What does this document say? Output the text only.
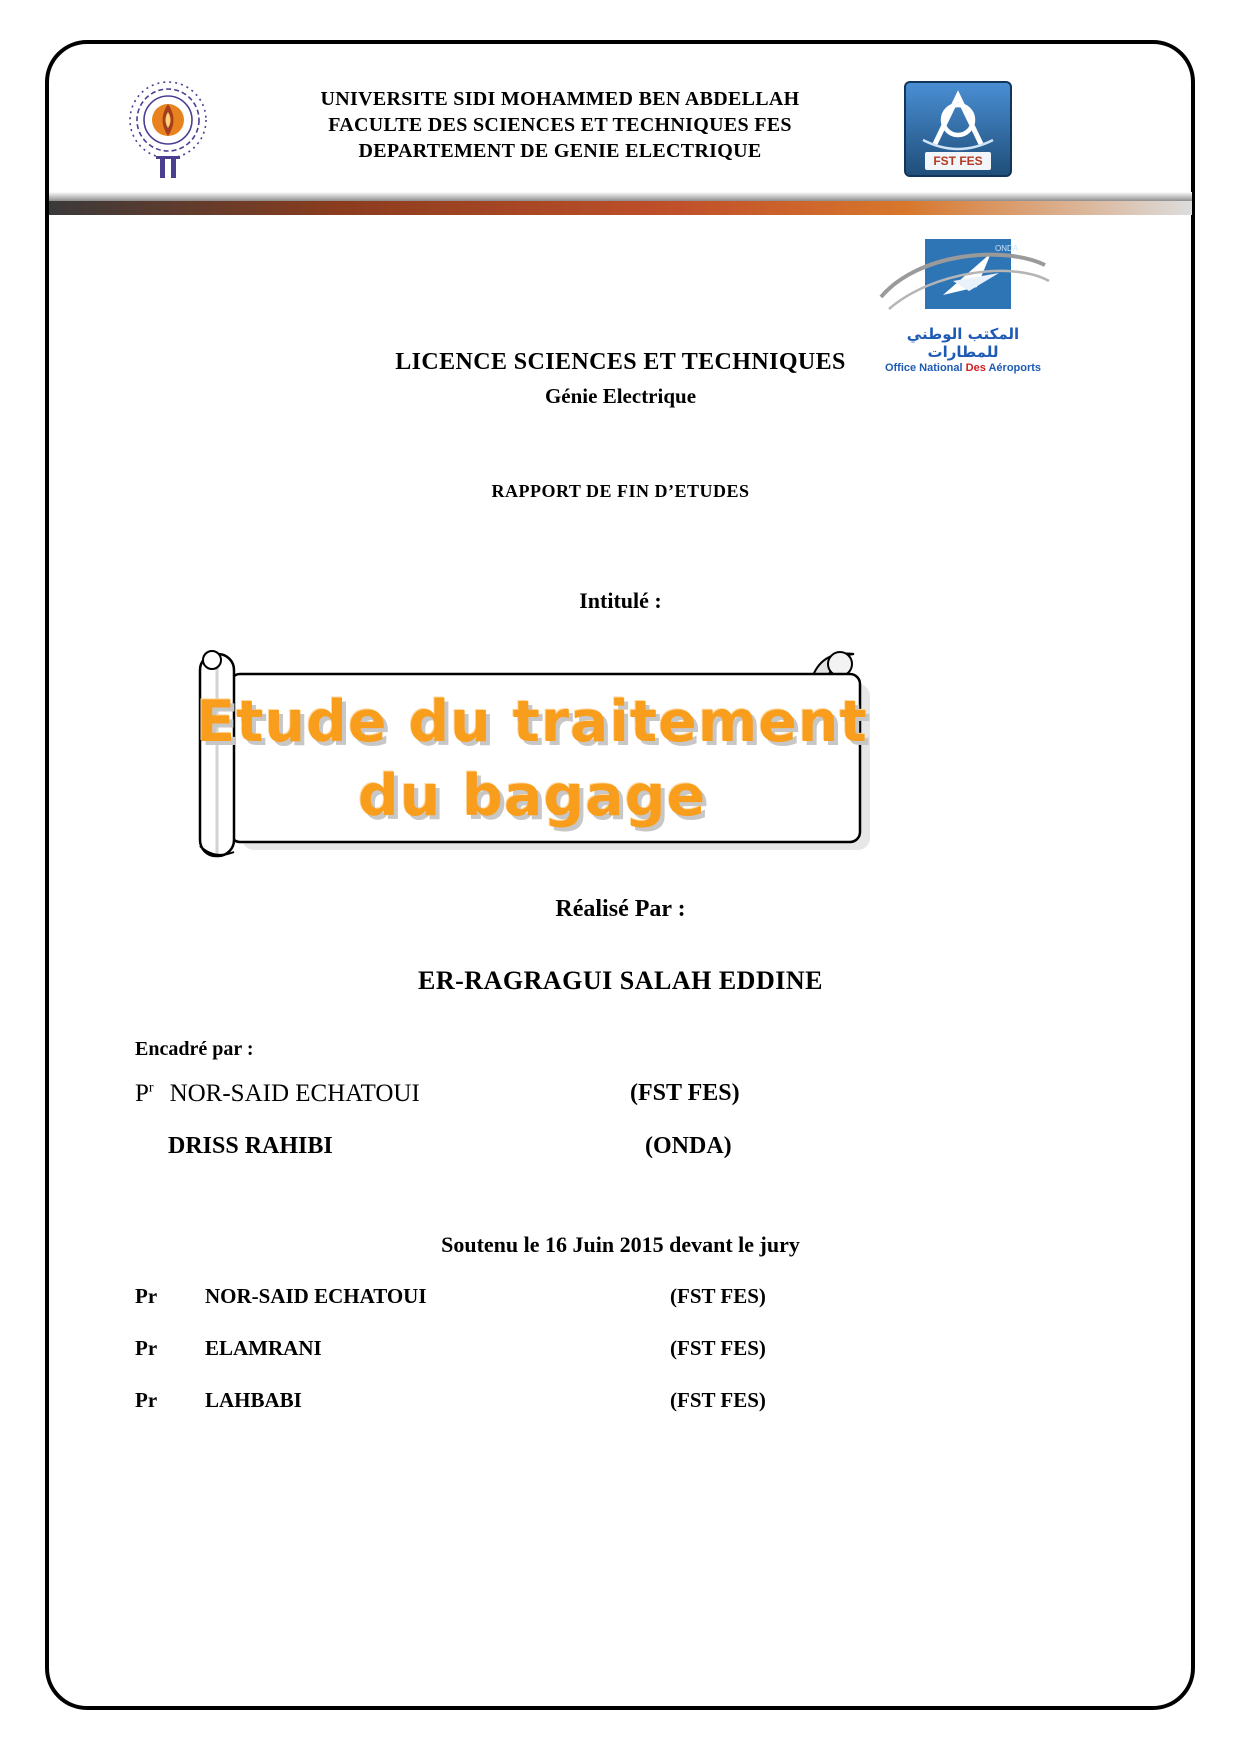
UNIVERSITE SIDI MOHAMMED BEN ABDELLAH
FACULTE DES SCIENCES ET TECHNIQUES FES
DEPARTEMENT DE GENIE ELECTRIQUE	FST FES
ONDA
المكتب الوطني للمطارات
Office National Des Aéroports
LICENCE SCIENCES ET TECHNIQUES
Génie Electrique
RAPPORT DE FIN D’ETUDES
Intitulé :
Etude du traitement
du bagage
Réalisé Par :
ER-RAGRAGUI SALAH EDDINE
Encadré par :
$P^r$ NOR-SAID ECHATOUI	(FST FES)
DRISS RAHIBI	(ONDA)
Soutenu le 16 Juin 2015 devant le jury
Pr NOR-SAID ECHATOUI	(FST FES)
Pr ELAMRANI	(FST FES)
Pr LAHBABI	(FST FES)
